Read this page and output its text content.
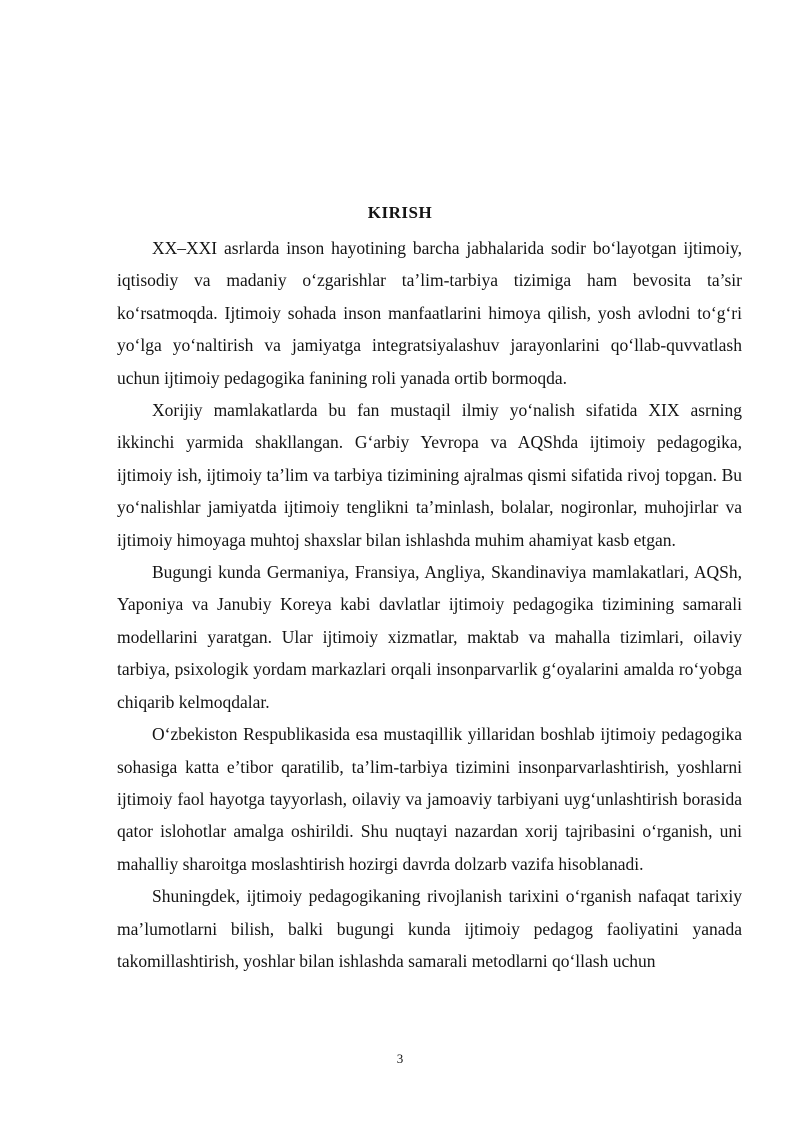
KIRISH

XX–XXI asrlarda inson hayotining barcha jabhalarida sodir bo‘layotgan ijtimoiy, iqtisodiy va madaniy o‘zgarishlar ta’lim-tarbiya tizimiga ham bevosita ta’sir ko‘rsatmoqda. Ijtimoiy sohada inson manfaatlarini himoya qilish, yosh avlodni to‘g‘ri yo‘lga yo‘naltirish va jamiyatga integratsiyalashuv jarayonlarini qo‘llab-quvvatlash uchun ijtimoiy pedagogika fanining roli yanada ortib bormoqda.

Xorijiy mamlakatlarda bu fan mustaqil ilmiy yo‘nalish sifatida XIX asrning ikkinchi yarmida shakllangan. G‘arbiy Yevropa va AQShda ijtimoiy pedagogika, ijtimoiy ish, ijtimoiy ta’lim va tarbiya tizimining ajralmas qismi sifatida rivoj topgan. Bu yo‘nalishlar jamiyatda ijtimoiy tenglikni ta’minlash, bolalar, nogironlar, muhojirlar va ijtimoiy himoyaga muhtoj shaxslar bilan ishlashda muhim ahamiyat kasb etgan.

Bugungi kunda Germaniya, Fransiya, Angliya, Skandinaviya mamlakatlari, AQSh, Yaponiya va Janubiy Koreya kabi davlatlar ijtimoiy pedagogika tizimining samarali modellarini yaratgan. Ular ijtimoiy xizmatlar, maktab va mahalla tizimlari, oilaviy tarbiya, psixologik yordam markazlari orqali insonparvarlik g‘oyalarini amalda ro‘yobga chiqarib kelmoqdalar.

O‘zbekiston Respublikasida esa mustaqillik yillaridan boshlab ijtimoiy pedagogika sohasiga katta e’tibor qaratilib, ta’lim-tarbiya tizimini insonparvarlashtirish, yoshlarni ijtimoiy faol hayotga tayyorlash, oilaviy va jamoaviy tarbiyani uyg‘unlashtirish borasida qator islohotlar amalga oshirildi. Shu nuqtayi nazardan xorij tajribasini o‘rganish, uni mahalliy sharoitga moslashtirish hozirgi davrda dolzarb vazifa hisoblanadi.

Shuningdek, ijtimoiy pedagogikaning rivojlanish tarixini o‘rganish nafaqat tarixiy ma’lumotlarni bilish, balki bugungi kunda ijtimoiy pedagog faoliyatini yanada takomillashtirish, yoshlar bilan ishlashda samarali metodlarni qo‘llash uchun

3
